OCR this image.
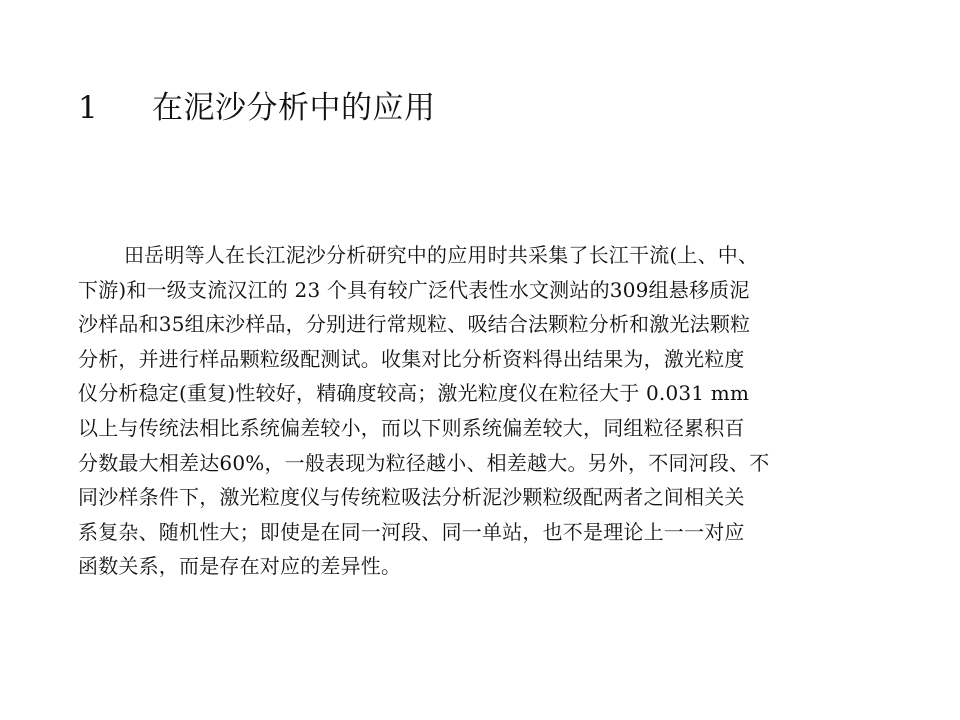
1	在泥沙分析中的应用
田岳明等人在长江泥沙分析研究中的应用时共采集了长江干流(上、中、
下游)和一级支流汉江的 23 个具有较广泛代表性水文测站的309组悬移质泥
沙样品和35组床沙样品，分别进行常规粒、吸结合法颗粒分析和激光法颗粒
分析，并进行样品颗粒级配测试。收集对比分析资料得出结果为，激光粒度
仪分析稳定(重复)性较好，精确度较高；激光粒度仪在粒径大于 0.031 mm
以上与传统法相比系统偏差较小，而以下则系统偏差较大，同组粒径累积百
分数最大相差达60%，一般表现为粒径越小、相差越大。另外，不同河段、不
同沙样条件下，激光粒度仪与传统粒吸法分析泥沙颗粒级配两者之间相关关
系复杂、随机性大；即使是在同一河段、同一单站，也不是理论上一一对应
函数关系，而是存在对应的差异性。
